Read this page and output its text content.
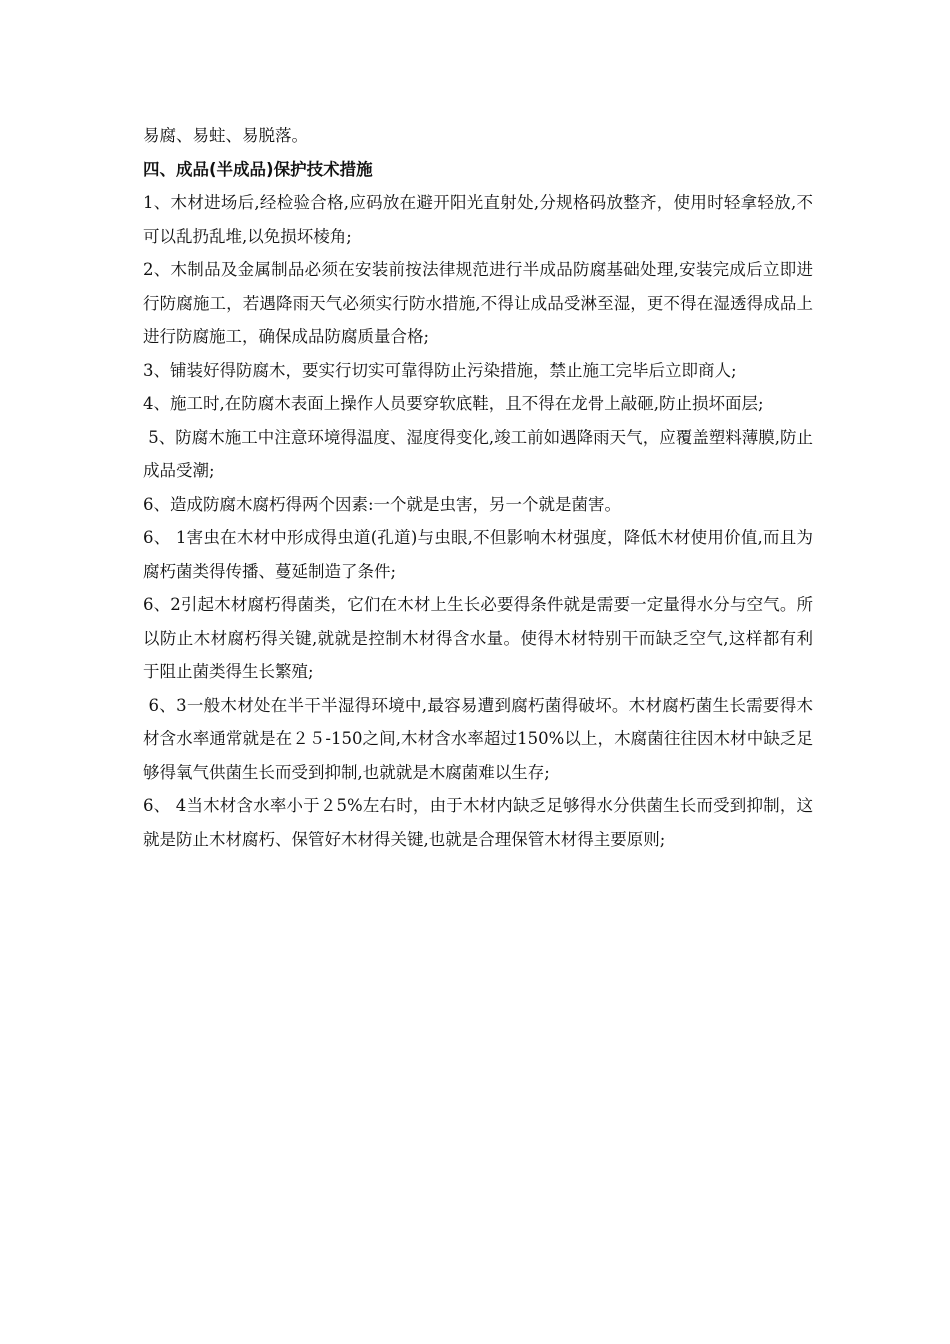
易腐、易蛀、易脱落。

四、成品(半成品)保护技术措施

1、木材进场后,经检验合格,应码放在避开阳光直射处,分规格码放整齐，使用时轻拿轻放,不可以乱扔乱堆,以免损坏棱角;

2、木制品及金属制品必须在安装前按法律规范进行半成品防腐基础处理,安装完成后立即进行防腐施工，若遇降雨天气必须实行防水措施,不得让成品受淋至湿，更不得在湿透得成品上进行防腐施工，确保成品防腐质量合格;

3、铺装好得防腐木，要实行切实可靠得防止污染措施，禁止施工完毕后立即商人;

4、施工时,在防腐木表面上操作人员要穿软底鞋，且不得在龙骨上敲砸,防止损坏面层;

5、防腐木施工中注意环境得温度、湿度得变化,竣工前如遇降雨天气，应覆盖塑料薄膜,防止成品受潮;

6、造成防腐木腐朽得两个因素:一个就是虫害，另一个就是菌害。

6、 1害虫在木材中形成得虫道(孔道)与虫眼,不但影响木材强度，降低木材使用价值,而且为腐朽菌类得传播、蔓延制造了条件;

6、2引起木材腐朽得菌类，它们在木材上生长必要得条件就是需要一定量得水分与空气。所以防止木材腐朽得关键,就就是控制木材得含水量。使得木材特别干而缺乏空气,这样都有利于阻止菌类得生长繁殖;

6、3一般木材处在半干半湿得环境中,最容易遭到腐朽菌得破坏。木材腐朽菌生长需要得木材含水率通常就是在２５-150之间,木材含水率超过150%以上，木腐菌往往因木材中缺乏足够得氧气供菌生长而受到抑制,也就就是木腐菌难以生存;

6、 4当木材含水率小于２5%左右时，由于木材内缺乏足够得水分供菌生长而受到抑制，这就是防止木材腐朽、保管好木材得关键,也就是合理保管木材得主要原则;
